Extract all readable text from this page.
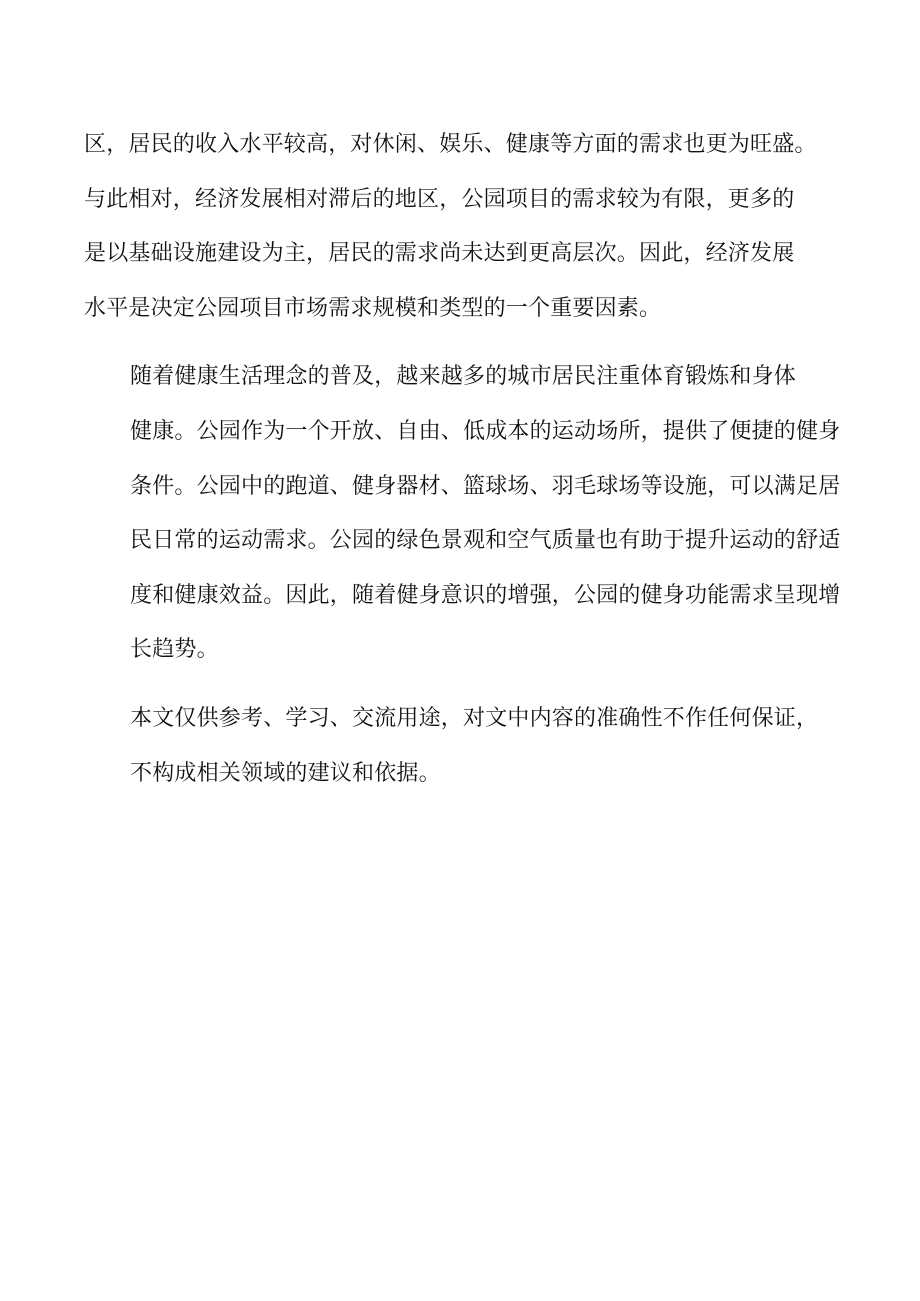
区，居民的收入水平较高，对休闲、娱乐、健康等方面的需求也更为旺盛。
与此相对，经济发展相对滞后的地区，公园项目的需求较为有限，更多的
是以基础设施建设为主，居民的需求尚未达到更高层次。因此，经济发展
水平是决定公园项目市场需求规模和类型的一个重要因素。

随着健康生活理念的普及，越来越多的城市居民注重体育锻炼和身体
健康。公园作为一个开放、自由、低成本的运动场所，提供了便捷的健身
条件。公园中的跑道、健身器材、篮球场、羽毛球场等设施，可以满足居
民日常的运动需求。公园的绿色景观和空气质量也有助于提升运动的舒适
度和健康效益。因此，随着健身意识的增强，公园的健身功能需求呈现增
长趋势。

本文仅供参考、学习、交流用途，对文中内容的准确性不作任何保证，
不构成相关领域的建议和依据。
